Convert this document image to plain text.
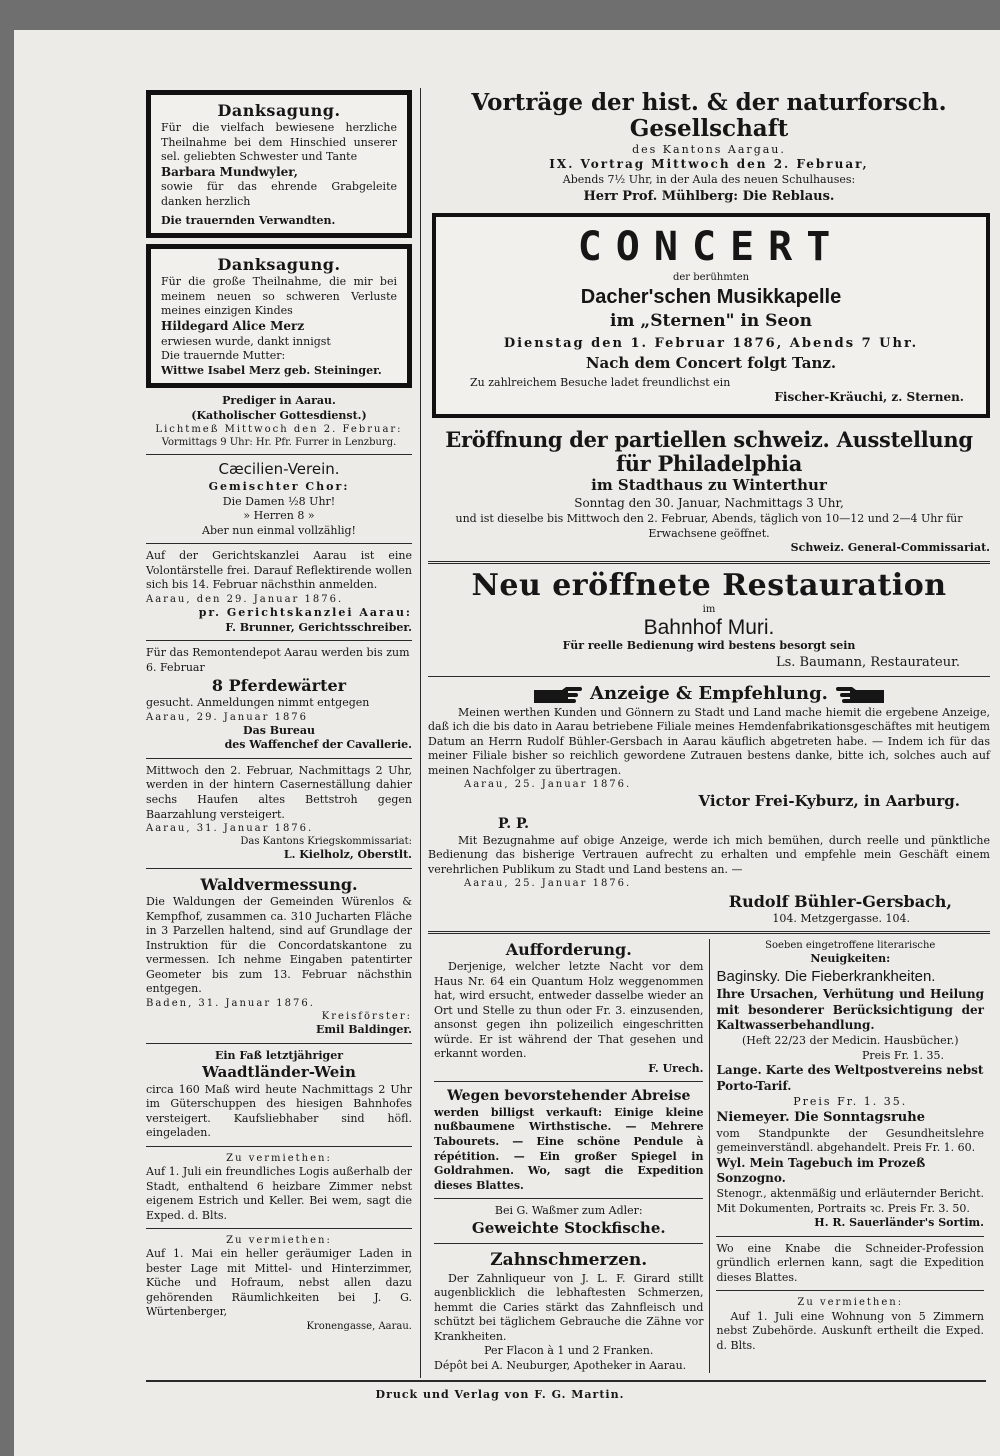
Danksagung.

Für die vielfach bewiesene herzliche Theilnahme bei dem Hinschied unserer sel. geliebten Schwester und Tante

Barbara Mundwyler,

sowie für das ehrende Grabgeleite danken herzlich

Die trauernden Verwandten.

Danksagung.

Für die große Theilnahme, die mir bei meinem neuen so schweren Verluste meines einzigen Kindes

Hildegard Alice Merz

erwiesen wurde, dankt innigst

Die trauernde Mutter:

Wittwe Isabel Merz geb. Steininger.

Prediger in Aarau.

(Katholischer Gottesdienst.)

Lichtmeß Mittwoch den 2. Februar:

Vormittags 9 Uhr: Hr. Pfr. Furrer in Lenzburg.

Cæcilien-Verein.

Gemischter Chor:

Die Damen ½8 Uhr!

» Herren 8 »

Aber nun einmal vollzählig!

Auf der Gerichtskanzlei Aarau ist eine Volontärstelle frei. Darauf Reflektirende wollen sich bis 14. Februar nächsthin anmelden.

Aarau, den 29. Januar 1876.

pr. Gerichtskanzlei Aarau:

F. Brunner, Gerichtsschreiber.

Für das Remontendepot Aarau werden bis zum 6. Februar

8 Pferdewärter

gesucht. Anmeldungen nimmt entgegen

Aarau, 29. Januar 1876

Das Bureau

des Waffenchef der Cavallerie.

Mittwoch den 2. Februar, Nachmittags 2 Uhr, werden in der hintern Caserneställung dahier sechs Haufen altes Bettstroh gegen Baarzahlung versteigert.

Aarau, 31. Januar 1876.

Das Kantons Kriegskommissariat:

L. Kielholz, Oberstlt.

Waldvermessung.

Die Waldungen der Gemeinden Würenlos & Kempfhof, zusammen ca. 310 Jucharten Fläche in 3 Parzellen haltend, sind auf Grundlage der Instruktion für die Concordatskantone zu vermessen. Ich nehme Eingaben patentirter Geometer bis zum 13. Februar nächsthin entgegen.

Baden, 31. Januar 1876.

Kreisförster:

Emil Baldinger.

Ein Faß letztjähriger

Waadtländer-Wein

circa 160 Maß wird heute Nachmittags 2 Uhr im Güterschuppen des hiesigen Bahnhofes versteigert. Kaufsliebhaber sind höfl. eingeladen.

Zu vermiethen:

Auf 1. Juli ein freundliches Logis außerhalb der Stadt, enthaltend 6 heizbare Zimmer nebst eigenem Estrich und Keller. Bei wem, sagt die Exped. d. Blts.

Zu vermiethen:

Auf 1. Mai ein heller geräumiger Laden in bester Lage mit Mittel- und Hinterzimmer, Küche und Hofraum, nebst allen dazu gehörenden Räumlichkeiten bei J. G. Würtenberger,

Kronengasse, Aarau.

Vorträge der hist. & der naturforsch. Gesellschaft

des Kantons Aargau.

IX. Vortrag Mittwoch den 2. Februar,

Abends 7½ Uhr, in der Aula des neuen Schulhauses:

Herr Prof. Mühlberg: Die Reblaus.

CONCERT

der berühmten

Dacher'schen Musikkapelle

im „Sternen" in Seon

Dienstag den 1. Februar 1876, Abends 7 Uhr.

Nach dem Concert folgt Tanz.

Zu zahlreichem Besuche ladet freundlichst ein

Fischer-Kräuchi, z. Sternen.

Eröffnung der partiellen schweiz. Ausstellung für Philadelphia

im Stadthaus zu Winterthur

Sonntag den 30. Januar, Nachmittags 3 Uhr,

und ist dieselbe bis Mittwoch den 2. Februar, Abends, täglich von 10—12 und 2—4 Uhr für Erwachsene geöffnet.

Schweiz. General-Commissariat.

Neu eröffnete Restauration

im

Bahnhof Muri.

Für reelle Bedienung wird bestens besorgt sein

Ls. Baumann, Restaurateur.

Anzeige & Empfehlung.

Meinen werthen Kunden und Gönnern zu Stadt und Land mache hiemit die ergebene Anzeige, daß ich die bis dato in Aarau betriebene Filiale meines Hemdenfabrikationsgeschäftes mit heutigem Datum an Herrn Rudolf Bühler-Gersbach in Aarau käuflich abgetreten habe. — Indem ich für das meiner Filiale bisher so reichlich gewordene Zutrauen bestens danke, bitte ich, solches auch auf meinen Nachfolger zu übertragen.

Aarau, 25. Januar 1876.

Victor Frei-Kyburz, in Aarburg.

P. P.

Mit Bezugnahme auf obige Anzeige, werde ich mich bemühen, durch reelle und pünktliche Bedienung das bisherige Vertrauen aufrecht zu erhalten und empfehle mein Geschäft einem verehrlichen Publikum zu Stadt und Land bestens an. —

Aarau, 25. Januar 1876.

Rudolf Bühler-Gersbach,

104. Metzgergasse. 104.

Aufforderung.

Derjenige, welcher letzte Nacht vor dem Haus Nr. 64 ein Quantum Holz weggenommen hat, wird ersucht, entweder dasselbe wieder an Ort und Stelle zu thun oder Fr. 3. einzusenden, ansonst gegen ihn polizeilich eingeschritten würde. Er ist während der That gesehen und erkannt worden.

F. Urech.

Wegen bevorstehender Abreise

werden billigst verkauft: Einige kleine nußbaumene Wirthstische. — Mehrere Tabourets. — Eine schöne Pendule à répétition. — Ein großer Spiegel in Goldrahmen. Wo, sagt die Expedition dieses Blattes.

Bei G. Waßmer zum Adler:

Geweichte Stockfische.

Zahnschmerzen.

Der Zahnliqueur von J. L. F. Girard stillt augenblicklich die lebhaftesten Schmerzen, hemmt die Caries stärkt das Zahnfleisch und schützt bei täglichem Gebrauche die Zähne vor Krankheiten.

Per Flacon à 1 und 2 Franken.

Dépôt bei A. Neuburger, Apotheker in Aarau.

Soeben eingetroffene literarische

Neuigkeiten:

Baginsky. Die Fieberkrankheiten.

Ihre Ursachen, Verhütung und Heilung mit besonderer Berücksichtigung der Kaltwasserbehandlung.

(Heft 22/23 der Medicin. Hausbücher.)

Preis Fr. 1. 35.

Lange. Karte des Weltpostvereins nebst Porto-Tarif.

Preis Fr. 1. 35.

Niemeyer. Die Sonntagsruhe

vom Standpunkte der Gesundheitslehre gemeinverständl. abgehandelt. Preis Fr. 1. 60.

Wyl. Mein Tagebuch im Prozeß Sonzogno.

Stenogr., aktenmäßig und erläuternder Bericht. Mit Dokumenten, Portraits ꝛc. Preis Fr. 3. 50.

H. R. Sauerländer's Sortim.

Wo eine Knabe die Schneider-Profession gründlich erlernen kann, sagt die Expedition dieses Blattes.

Zu vermiethen:

Auf 1. Juli eine Wohnung von 5 Zimmern nebst Zubehörde. Auskunft ertheilt die Exped. d. Blts.

Druck und Verlag von F. G. Martin.
